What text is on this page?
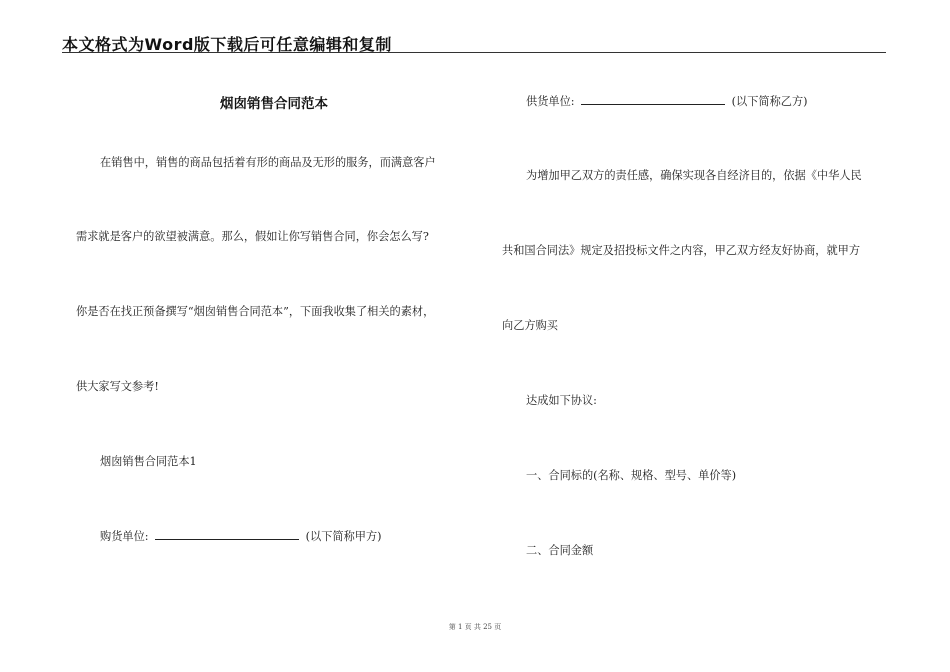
本文格式为Word版下载后可任意编辑和复制
烟囱销售合同范本
在销售中，销售的商品包括着有形的商品及无形的服务，而满意客户
需求就是客户的欲望被满意。那么，假如让你写销售合同，你会怎么写?
你是否在找正预备撰写“烟囱销售合同范本”，下面我收集了相关的素材，
供大家写文参考!
烟囱销售合同范本1
购货单位:	(以下简称甲方)
供货单位:	(以下简称乙方)
为增加甲乙双方的责任感，确保实现各自经济目的，依据《中华人民
共和国合同法》规定及招投标文件之内容，甲乙双方经友好协商，就甲方
向乙方购买
达成如下协议:
一、合同标的(名称、规格、型号、单价等)
二、合同金额
第 1 页 共 25 页
